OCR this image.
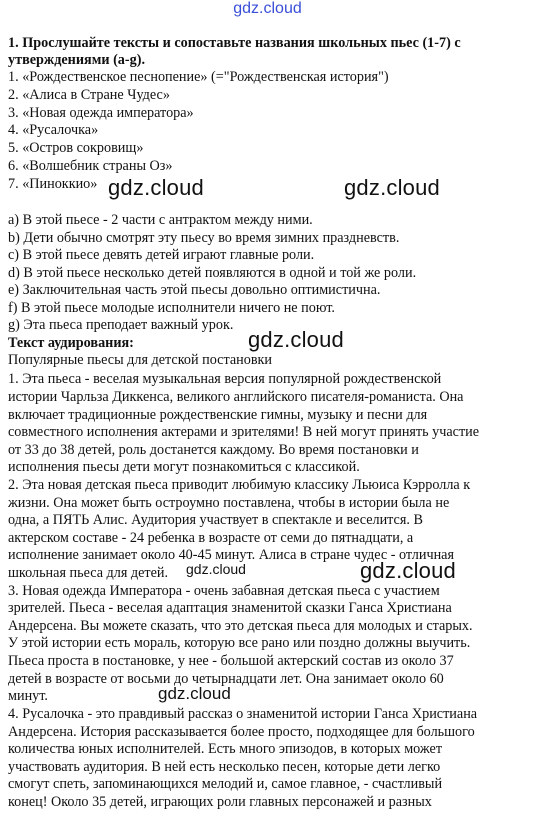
gdz.cloud
1. Прослушайте тексты и сопоставьте названия школьных пьес (1-7) с
утверждениями (a-g).
1. «Рождественское песнопение» (="Рождественская история")
2. «Алиса в Стране Чудес»
3. «Новая одежда императора»
4. «Русалочка»
5. «Остров сокровищ»
6. «Волшебник страны Оз»
7. «Пиноккио» gdz.cloud	gdz.cloud
a) В этой пьесе - 2 части с антрактом между ними.
b) Дети обычно смотрят эту пьесу во время зимних праздневств.
c) В этой пьесе девять детей играют главные роли.
d) В этой пьесе несколько детей появляются в одной и той же роли.
e) Заключительная часть этой пьесы довольно оптимистична.
f) В этой пьесе молодые исполнители ничего не поют.
g) Эта пьеса преподает важный урок.
gdz.cloud
Текст аудирования:
Популярные пьесы для детской постановки
1. Эта пьеса - веселая музыкальная версия популярной рождественской
истории Чарльза Диккенса, великого английского писателя-романиста. Она
включает традиционные рождественские гимны, музыку и песни для
совместного исполнения актерами и зрителями! В ней могут принять участие
от 33 до 38 детей, роль достанется каждому. Во время постановки и
исполнения пьесы дети могут познакомиться с классикой.
2. Эта новая детская пьеса приводит любимую классику Льюиса Кэрролла к
жизни. Она может быть остроумно поставлена, чтобы в истории была не
одна, а ПЯТЬ Алис. Аудитория участвует в спектакле и веселится. В
актерском составе - 24 ребенка в возрасте от семи до пятнадцати, а
исполнение занимает около 40-45 минут. Алиса в стране чудес - отличная
школьная пьеса для детей. gdz.cloud	gdz.cloud
3. Новая одежда Императора - очень забавная детская пьеса с участием
зрителей. Пьеса - веселая адаптация знаменитой сказки Ганса Христиана
Андерсена. Вы можете сказать, что это детская пьеса для молодых и старых.
У этой истории есть мораль, которую все рано или поздно должны выучить.
Пьеса проста в постановке, у нее - большой актерский состав из около 37
детей в возрасте от восьми до четырнадцати лет. Она занимает около 60
минут.	gdz.cloud
4. Русалочка - это правдивый рассказ о знаменитой истории Ганса Христиана
Андерсена. История рассказывается более просто, подходящее для большого
количества юных исполнителей. Есть много эпизодов, в которых может
участвовать аудитория. В ней есть несколько песен, которые дети легко
смогут спеть, запоминающихся мелодий и, самое главное, - счастливый
конец! Около 35 детей, играющих роли главных персонажей и разных
